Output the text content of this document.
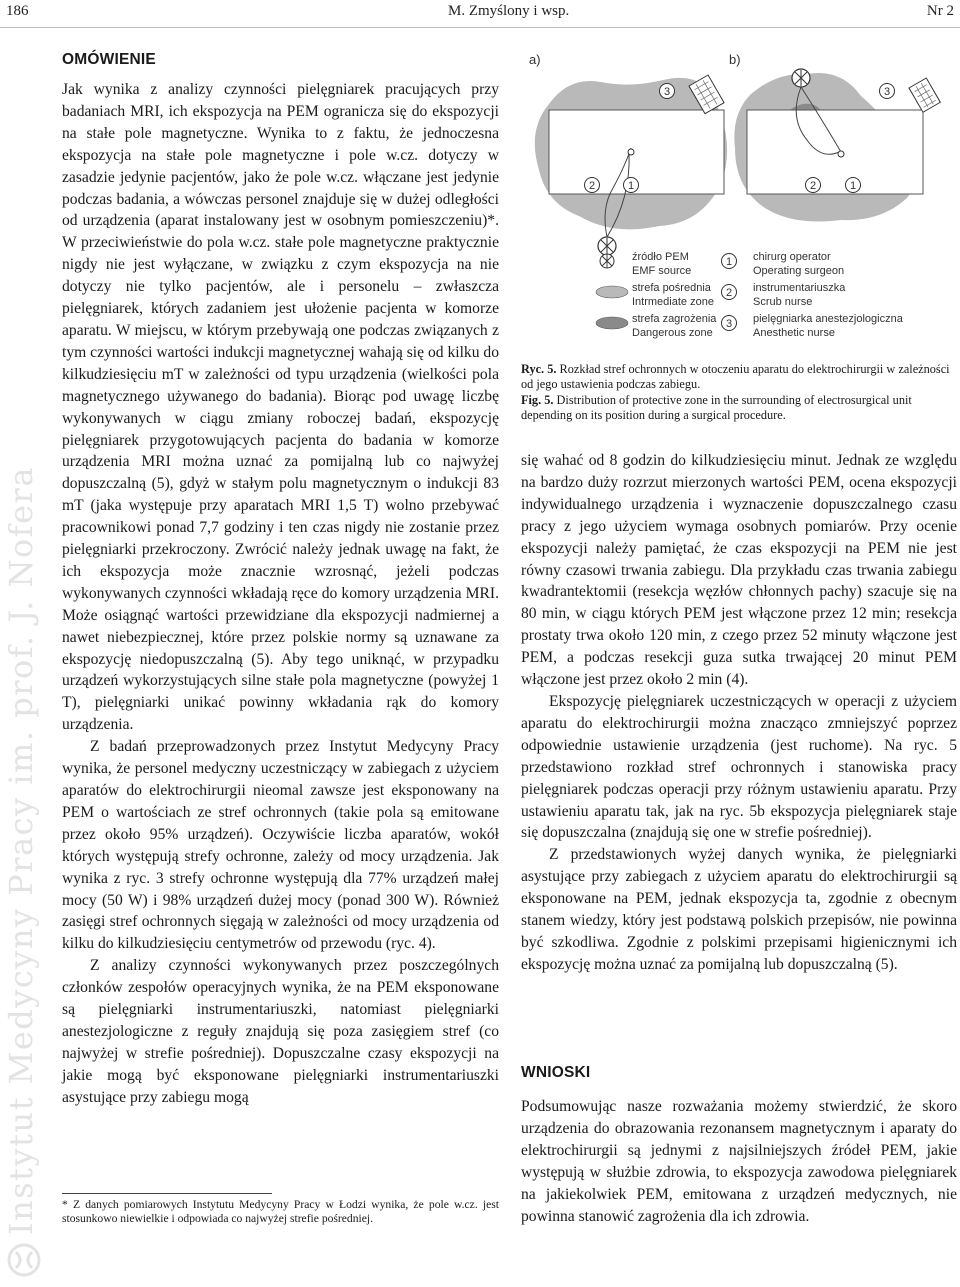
186	M. Zmyślony i wsp.	Nr 2
Instytut Medycyny Pracy im. prof. J. Nofera
OMÓWIENIE

Jak wynika z analizy czynności pielęgniarek pracujących przy badaniach MRI, ich ekspozycja na PEM ogranicza się do ekspozycji na stałe pole magnetyczne. Wynika to z faktu, że jednoczesna ekspozycja na stałe pole magnetyczne i pole w.cz. dotyczy w zasadzie jedynie pacjentów, jako że pole w.cz. włączane jest jedynie podczas badania, a wówczas personel znajduje się w dużej odległości od urządzenia (aparat instalowany jest w osobnym pomieszczeniu)*. W przeciwieństwie do pola w.cz. stałe pole magnetyczne praktycznie nigdy nie jest wyłączane, w związku z czym ekspozycja na nie dotyczy nie tylko pacjentów, ale i personelu – zwłaszcza pielęgniarek, których zadaniem jest ułożenie pacjenta w komorze aparatu. W miejscu, w którym przebywają one podczas związanych z tym czynności wartości indukcji magnetycznej wahają się od kilku do kilkudziesięciu mT w zależności od typu urządzenia (wielkości pola magnetycznego używanego do badania). Biorąc pod uwagę liczbę wykonywanych w ciągu zmiany roboczej badań, ekspozycję pielęgniarek przygotowujących pacjenta do badania w komorze urządzenia MRI można uznać za pomijalną lub co najwyżej dopuszczalną (5), gdyż w stałym polu magnetycznym o indukcji 83 mT (jaka występuje przy aparatach MRI 1,5 T) wolno przebywać pracownikowi ponad 7,7 godziny i ten czas nigdy nie zostanie przez pielęgniarki przekroczony. Zwrócić należy jednak uwagę na fakt, że ich ekspozycja może znacznie wzrosnąć, jeżeli podczas wykonywanych czynności wkładają ręce do komory urządzenia MRI. Może osiągnąć wartości przewidziane dla ekspozycji nadmiernej a nawet niebezpiecznej, które przez polskie normy są uznawane za ekspozycję niedopuszczalną (5). Aby tego uniknąć, w przypadku urządzeń wykorzystujących silne stałe pola magnetyczne (powyżej 1 T), pielęgniarki unikać powinny wkładania rąk do komory urządzenia.

Z badań przeprowadzonych przez Instytut Medycyny Pracy wynika, że personel medyczny uczestniczący w zabiegach z użyciem aparatów do elektrochirurgii nieomal zawsze jest eksponowany na PEM o wartościach ze stref ochronnych (takie pola są emitowane przez około 95% urządzeń). Oczywiście liczba aparatów, wokół których występują strefy ochronne, zależy od mocy urządzenia. Jak wynika z ryc. 3 strefy ochronne występują dla 77% urządzeń małej mocy (50 W) i 98% urządzeń dużej mocy (ponad 300 W). Również zasięgi stref ochronnych sięgają w zależności od mocy urządzenia od kilku do kilkudziesięciu centymetrów od przewodu (ryc. 4).

Z analizy czynności wykonywanych przez poszczególnych członków zespołów operacyjnych wynika, że na PEM eksponowane są pielęgniarki instrumentariuszki, natomiast pielęgniarki anestezjologiczne z reguły znajdują się poza zasięgiem stref (co najwyżej w strefie pośredniej). Dopuszczalne czasy ekspozycji na jakie mogą być eksponowane pielęgniarki instrumentariuszki asystujące przy zabiegu mogą

* Z danych pomiarowych Instytutu Medycyny Pracy w Łodzi wynika, że pole w.cz. jest stosunkowo niewielkie i odpowiada co najwyżej strefie pośredniej.
a)
3
2	1
b)
3
2	1
źródło PEM
EMF source
strefa pośrednia
Intrmediate zone
strefa zagrożenia
Dangerous zone
1 chirurg operator
Operating surgeon
2 instrumentariuszka
Scrub nurse
3 pielęgniarka anestezjologiczna
Anesthetic nurse

Ryc. 5. Rozkład stref ochronnych w otoczeniu aparatu do elektrochirurgii w zależności od jego ustawienia podczas zabiegu.

Fig. 5. Distribution of protective zone in the surrounding of electrosurgical unit depending on its position during a surgical procedure.

się wahać od 8 godzin do kilkudziesięciu minut. Jednak ze względu na bardzo duży rozrzut mierzonych wartości PEM, ocena ekspozycji indywidualnego urządzenia i wyznaczenie dopuszczalnego czasu pracy z jego użyciem wymaga osobnych pomiarów. Przy ocenie ekspozycji należy pamiętać, że czas ekspozycji na PEM nie jest równy czasowi trwania zabiegu. Dla przykładu czas trwania zabiegu kwadrantektomii (resekcja węzłów chłonnych pachy) szacuje się na 80 min, w ciągu których PEM jest włączone przez 12 min; resekcja prostaty trwa około 120 min, z czego przez 52 minuty włączone jest PEM, a podczas resekcji guza sutka trwającej 20 minut PEM włączone jest przez około 2 min (4).

Ekspozycję pielęgniarek uczestniczących w operacji z użyciem aparatu do elektrochirurgii można znacząco zmniejszyć poprzez odpowiednie ustawienie urządzenia (jest ruchome). Na ryc. 5 przedstawiono rozkład stref ochronnych i stanowiska pracy pielęgniarek podczas operacji przy różnym ustawieniu aparatu. Przy ustawieniu aparatu tak, jak na ryc. 5b ekspozycja pielęgniarek staje się dopuszczalna (znajdują się one w strefie pośredniej).

Z przedstawionych wyżej danych wynika, że pielęgniarki asystujące przy zabiegach z użyciem aparatu do elektrochirurgii są eksponowane na PEM, jednak ekspozycja ta, zgodnie z obecnym stanem wiedzy, który jest podstawą polskich przepisów, nie powinna być szkodliwa. Zgodnie z polskimi przepisami higienicznymi ich ekspozycję można uznać za pomijalną lub dopuszczalną (5).

WNIOSKI

Podsumowując nasze rozważania możemy stwierdzić, że skoro urządzenia do obrazowania rezonansem magnetycznym i aparaty do elektrochirurgii są jednymi z najsilniejszych źródeł PEM, jakie występują w służbie zdrowia, to ekspozycja zawodowa pielęgniarek na jakiekolwiek PEM, emitowana z urządzeń medycznych, nie powinna stanowić zagrożenia dla ich zdrowia.
